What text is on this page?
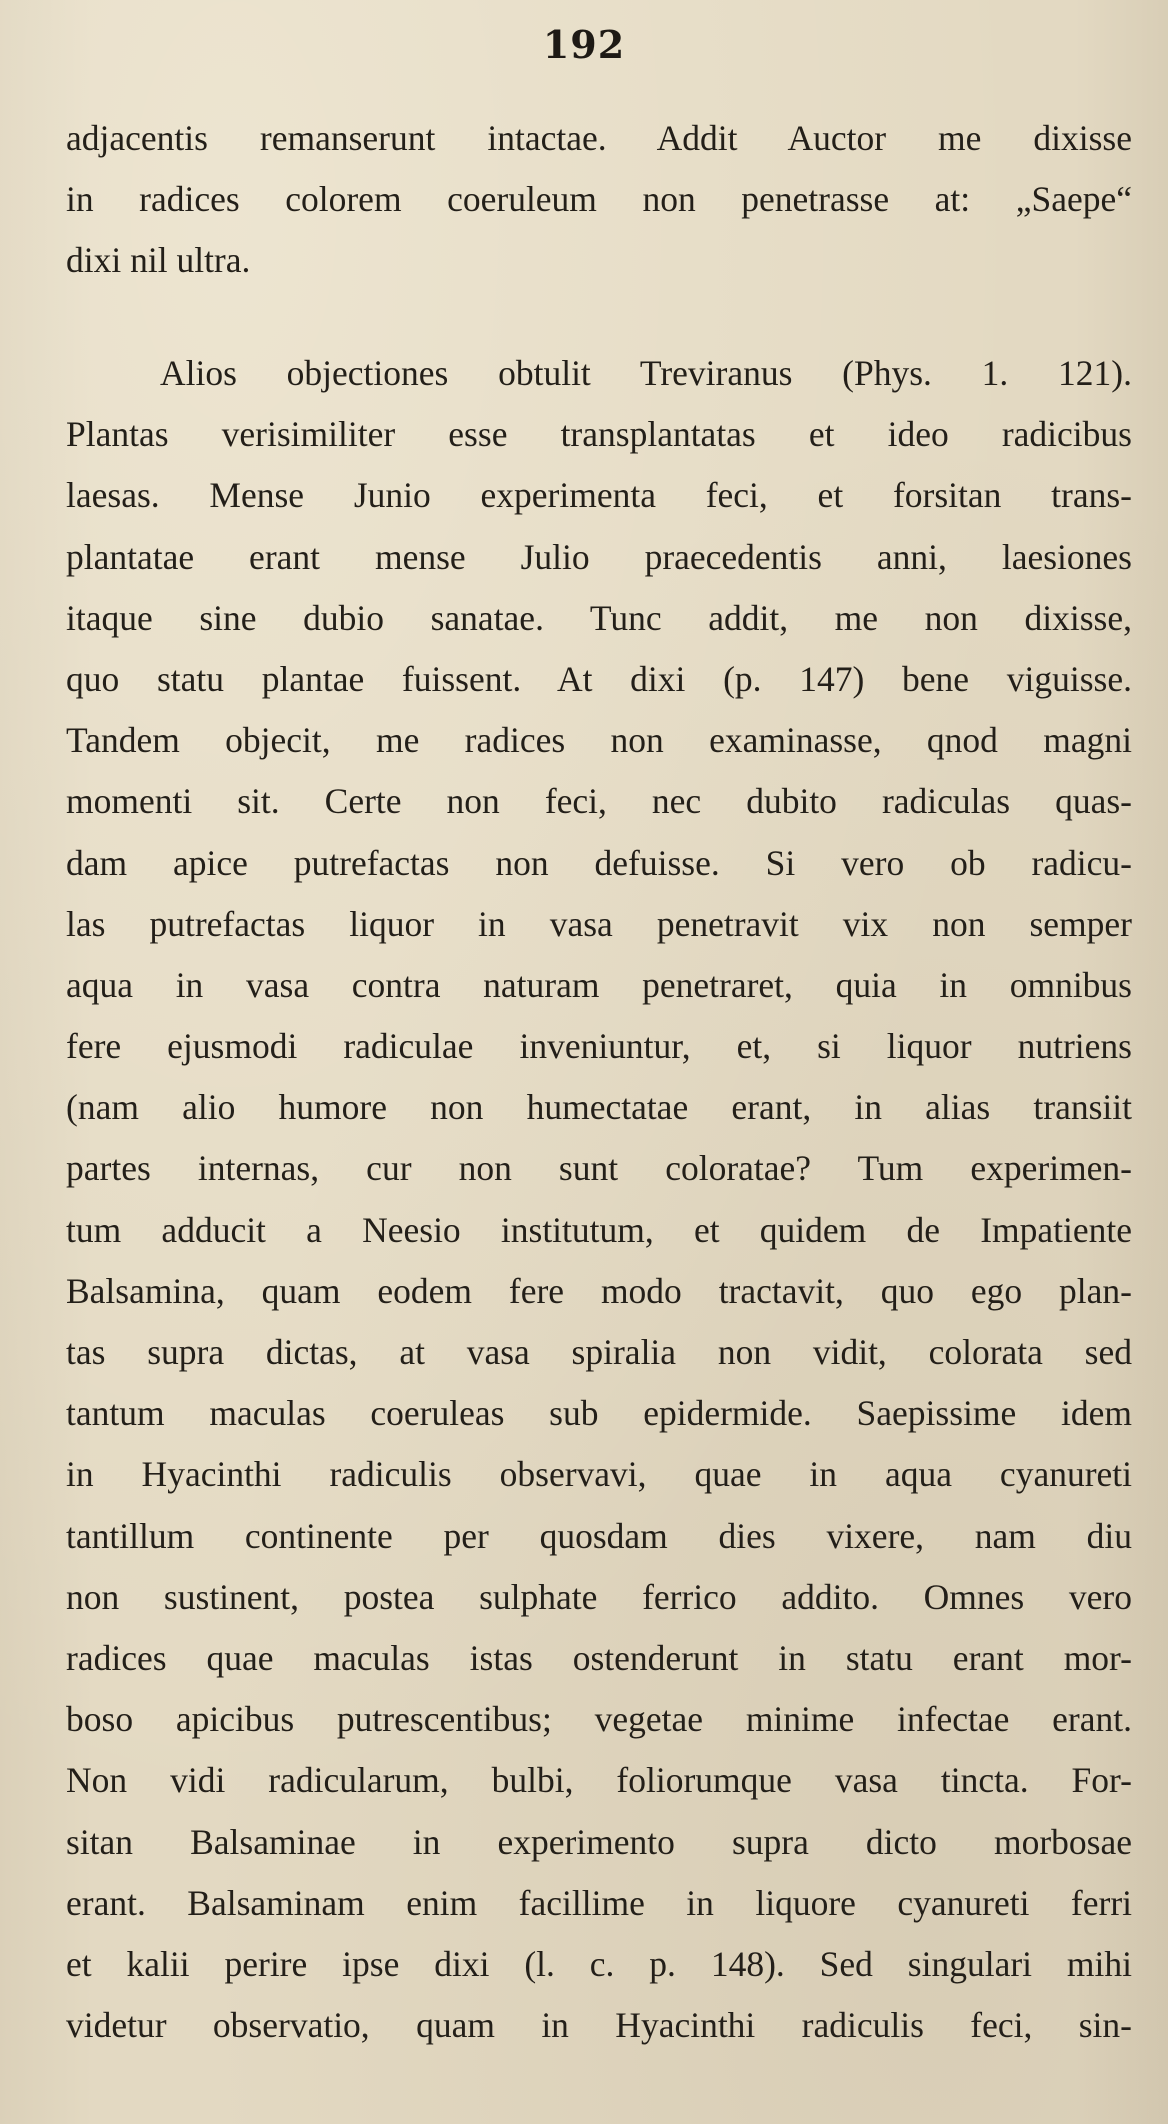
192
adjacentis remanserunt intactae. Addit Auctor me dixisse
in radices colorem coeruleum non penetrasse at: „Saepe“
dixi nil ultra.
Alios objectiones obtulit Treviranus (Phys. 1. 121).
Plantas verisimiliter esse transplantatas et ideo radicibus
laesas. Mense Junio experimenta feci, et forsitan trans-
plantatae erant mense Julio praecedentis anni, laesiones
itaque sine dubio sanatae. Tunc addit, me non dixisse,
quo statu plantae fuissent. At dixi (p. 147) bene viguisse.
Tandem objecit, me radices non examinasse, qnod magni
momenti sit. Certe non feci, nec dubito radiculas quas-
dam apice putrefactas non defuisse. Si vero ob radicu-
las putrefactas liquor in vasa penetravit vix non semper
aqua in vasa contra naturam penetraret, quia in omnibus
fere ejusmodi radiculae inveniuntur, et, si liquor nutriens
(nam alio humore non humectatae erant, in alias transiit
partes internas, cur non sunt coloratae? Tum experimen-
tum adducit a Neesio institutum, et quidem de Impatiente
Balsamina, quam eodem fere modo tractavit, quo ego plan-
tas supra dictas, at vasa spiralia non vidit, colorata sed
tantum maculas coeruleas sub epidermide. Saepissime idem
in Hyacinthi radiculis observavi, quae in aqua cyanureti
tantillum continente per quosdam dies vixere, nam diu
non sustinent, postea sulphate ferrico addito. Omnes vero
radices quae maculas istas ostenderunt in statu erant mor-
boso apicibus putrescentibus; vegetae minime infectae erant.
Non vidi radicularum, bulbi, foliorumque vasa tincta. For-
sitan Balsaminae in experimento supra dicto morbosae
erant. Balsaminam enim facillime in liquore cyanureti ferri
et kalii perire ipse dixi (l. c. p. 148). Sed singulari mihi
videtur observatio, quam in Hyacinthi radiculis feci, sin-
